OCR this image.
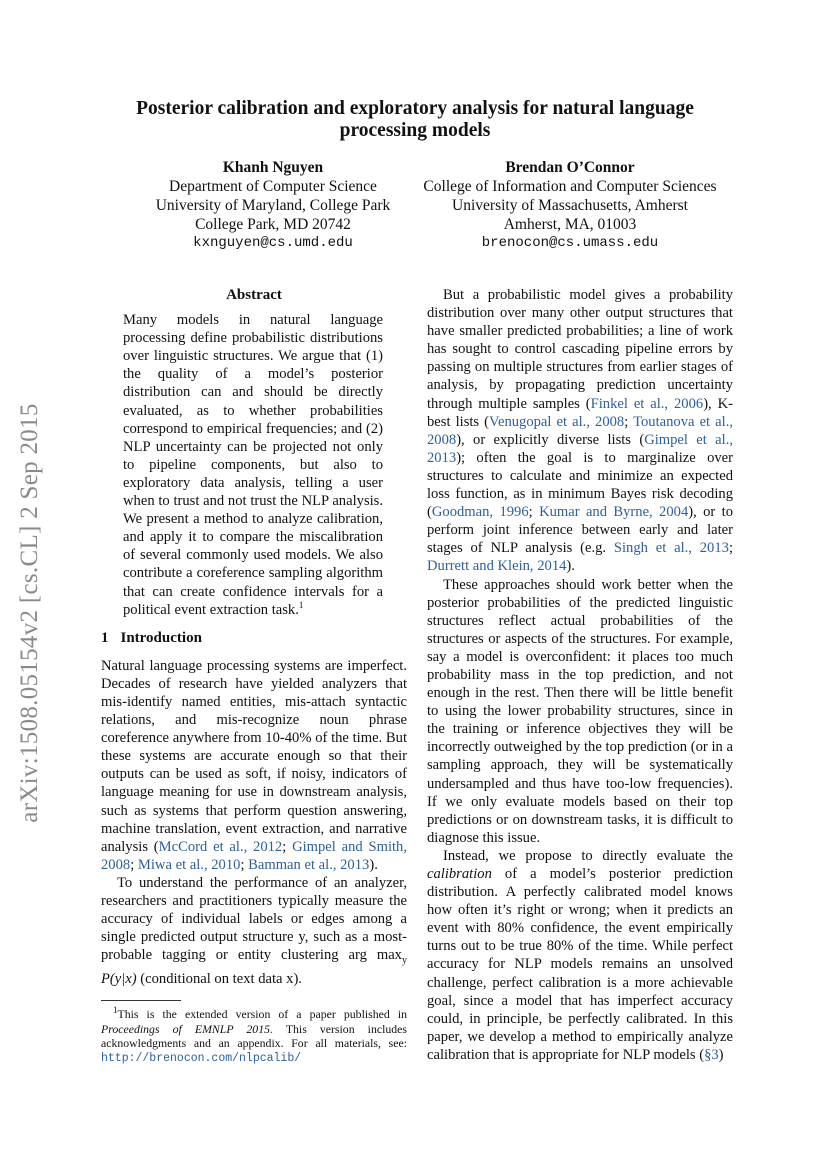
arXiv:1508.05154v2 [cs.CL] 2 Sep 2015
Posterior calibration and exploratory analysis for natural language processing models
Khanh Nguyen
Department of Computer Science
University of Maryland, College Park
College Park, MD 20742
kxnguyen@cs.umd.edu
Brendan O’Connor
College of Information and Computer Sciences
University of Massachusetts, Amherst
Amherst, MA, 01003
brenocon@cs.umass.edu
Abstract

Many models in natural language processing define probabilistic distributions over linguistic structures. We argue that (1) the quality of a model’s posterior distribution can and should be directly evaluated, as to whether probabilities correspond to empirical frequencies; and (2) NLP uncertainty can be projected not only to pipeline components, but also to exploratory data analysis, telling a user when to trust and not trust the NLP analysis. We present a method to analyze calibration, and apply it to compare the miscalibration of several commonly used models. We also contribute a coreference sampling algorithm that can create confidence intervals for a political event extraction task.$^1$

1 Introduction

Natural language processing systems are imperfect. Decades of research have yielded analyzers that mis-identify named entities, mis-attach syntactic relations, and mis-recognize noun phrase coreference anywhere from 10-40% of the time. But these systems are accurate enough so that their outputs can be used as soft, if noisy, indicators of language meaning for use in downstream analysis, such as systems that perform question answering, machine translation, event extraction, and narrative analysis (McCord et al., 2012; Gimpel and Smith, 2008; Miwa et al., 2010; Bamman et al., 2013).

To understand the performance of an analyzer, researchers and practitioners typically measure the accuracy of individual labels or edges among a single predicted output structure y, such as a most-probable tagging or entity clustering arg $\max_y P(y|x)$ (conditional on text data x).

$^1$This is the extended version of a paper published in Proceedings of EMNLP 2015. This version includes acknowledgments and an appendix. For all materials, see: http://brenocon.com/nlpcalib/

But a probabilistic model gives a probability distribution over many other output structures that have smaller predicted probabilities; a line of work has sought to control cascading pipeline errors by passing on multiple structures from earlier stages of analysis, by propagating prediction uncertainty through multiple samples (Finkel et al., 2006), K-best lists (Venugopal et al., 2008; Toutanova et al., 2008), or explicitly diverse lists (Gimpel et al., 2013); often the goal is to marginalize over structures to calculate and minimize an expected loss function, as in minimum Bayes risk decoding (Goodman, 1996; Kumar and Byrne, 2004), or to perform joint inference between early and later stages of NLP analysis (e.g. Singh et al., 2013; Durrett and Klein, 2014).

These approaches should work better when the posterior probabilities of the predicted linguistic structures reflect actual probabilities of the structures or aspects of the structures. For example, say a model is overconfident: it places too much probability mass in the top prediction, and not enough in the rest. Then there will be little benefit to using the lower probability structures, since in the training or inference objectives they will be incorrectly outweighed by the top prediction (or in a sampling approach, they will be systematically undersampled and thus have too-low frequencies). If we only evaluate models based on their top predictions or on downstream tasks, it is difficult to diagnose this issue.

Instead, we propose to directly evaluate the calibration of a model’s posterior prediction distribution. A perfectly calibrated model knows how often it’s right or wrong; when it predicts an event with 80% confidence, the event empirically turns out to be true 80% of the time. While perfect accuracy for NLP models remains an unsolved challenge, perfect calibration is a more achievable goal, since a model that has imperfect accuracy could, in principle, be perfectly calibrated. In this paper, we develop a method to empirically analyze calibration that is appropriate for NLP models (§3)
